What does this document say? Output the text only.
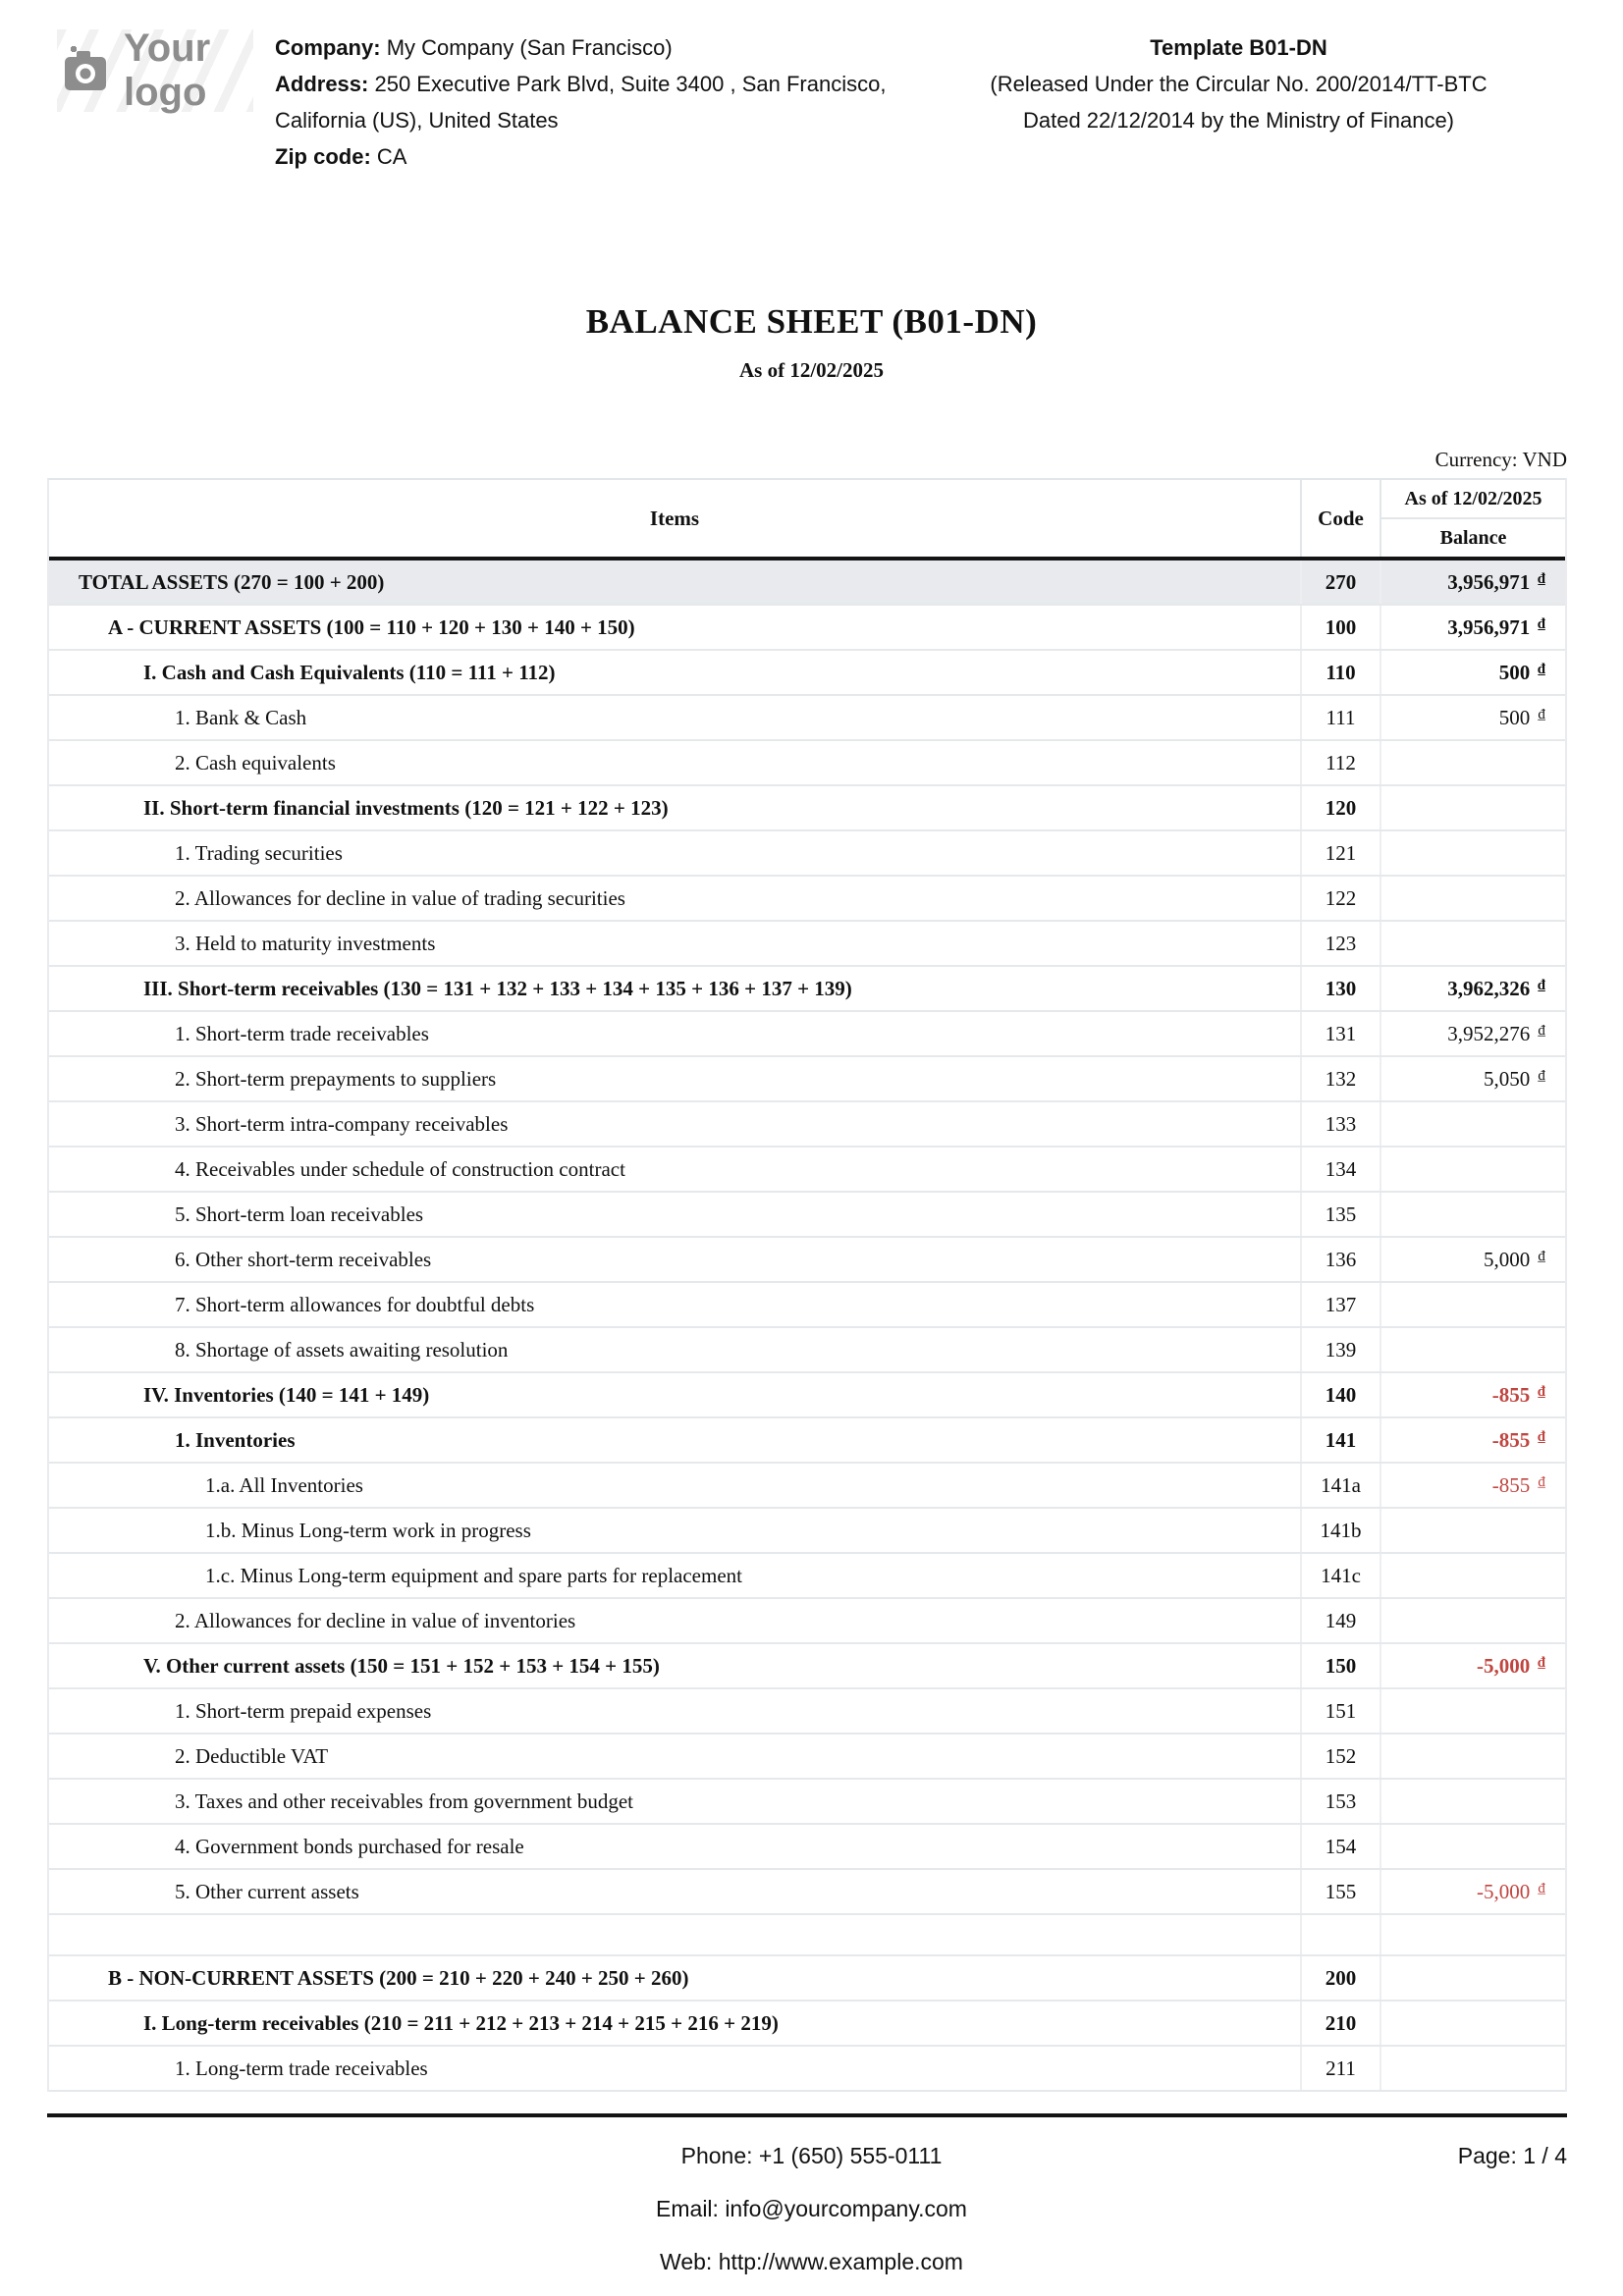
Your logo
Company: My Company (San Francisco)
Address: 250 Executive Park Blvd, Suite 3400 , San Francisco, California (US), United States
Zip code: CA
Template B01-DN
(Released Under the Circular No. 200/2014/TT-BTC
Dated 22/12/2014 by the Ministry of Finance)
BALANCE SHEET (B01-DN)
As of 12/02/2025
Currency: VND
Items	Code
As of 12/02/2025
Balance
TOTAL ASSETS (270 = 100 + 200)	270	3,956,971 ₫
A - CURRENT ASSETS (100 = 110 + 120 + 130 + 140 + 150)	100	3,956,971 ₫
I. Cash and Cash Equivalents (110 = 111 + 112)	110	500 ₫
1. Bank & Cash	111	500 ₫
2. Cash equivalents	112
II. Short-term financial investments (120 = 121 + 122 + 123)	120
1. Trading securities	121
2. Allowances for decline in value of trading securities	122
3. Held to maturity investments	123
III. Short-term receivables (130 = 131 + 132 + 133 + 134 + 135 + 136 + 137 + 139)	130	3,962,326 ₫
1. Short-term trade receivables	131	3,952,276 ₫
2. Short-term prepayments to suppliers	132	5,050 ₫
3. Short-term intra-company receivables	133
4. Receivables under schedule of construction contract	134
5. Short-term loan receivables	135
6. Other short-term receivables	136	5,000 ₫
7. Short-term allowances for doubtful debts	137
8. Shortage of assets awaiting resolution	139
IV. Inventories (140 = 141 + 149)	140	-855 ₫
1. Inventories	141	-855 ₫
1.a. All Inventories	141a	-855 ₫
1.b. Minus Long-term work in progress	141b
1.c. Minus Long-term equipment and spare parts for replacement	141c
2. Allowances for decline in value of inventories	149
V. Other current assets (150 = 151 + 152 + 153 + 154 + 155)	150	-5,000 ₫
1. Short-term prepaid expenses	151
2. Deductible VAT	152
3. Taxes and other receivables from government budget	153
4. Government bonds purchased for resale	154
5. Other current assets	155	-5,000 ₫
B - NON-CURRENT ASSETS (200 = 210 + 220 + 240 + 250 + 260)	200
I. Long-term receivables (210 = 211 + 212 + 213 + 214 + 215 + 216 + 219)	210
1. Long-term trade receivables	211
Phone: +1 (650) 555-0111	Page: 1 / 4
Email: info@yourcompany.com
Web: http://www.example.com
